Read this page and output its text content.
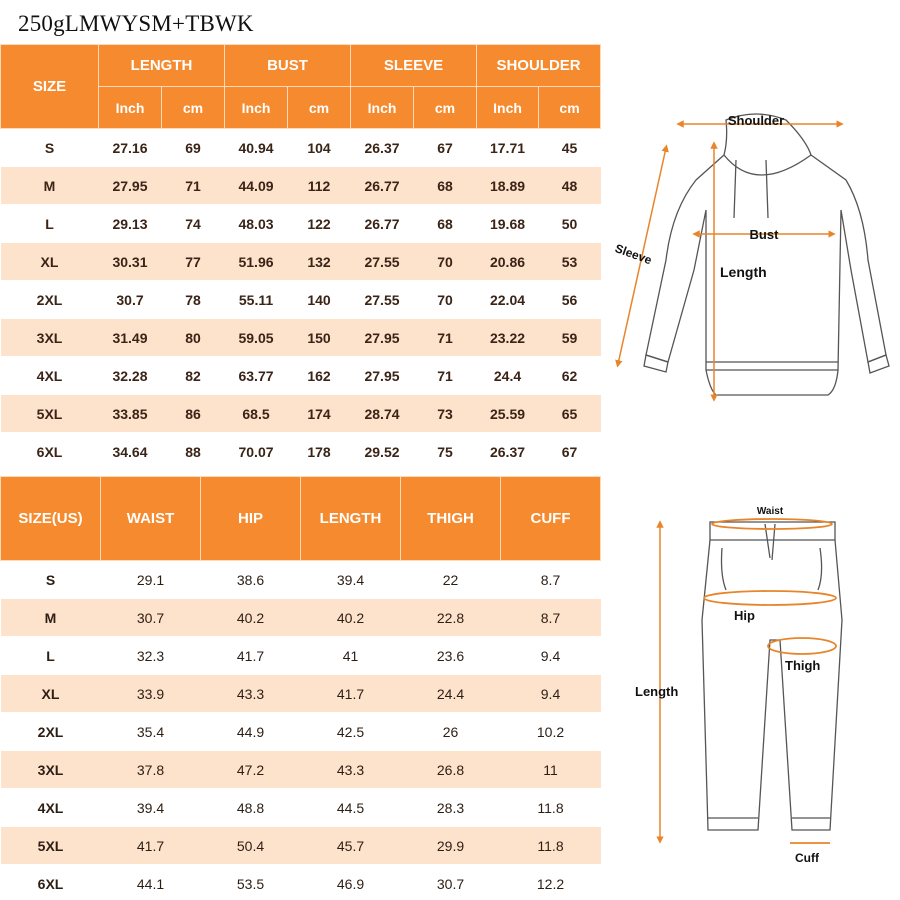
250gLMWYSM+TBWK
SIZE	LENGTH		BUST		SLEEVE		SHOULDER	
	Inch	cm	Inch	cm	Inch	cm	Inch	cm
S	27.16	69	40.94	104	26.37	67	17.71	45
M	27.95	71	44.09	112	26.77	68	18.89	48
L	29.13	74	48.03	122	26.77	68	19.68	50
XL	30.31	77	51.96	132	27.55	70	20.86	53
2XL	30.7	78	55.11	140	27.55	70	22.04	56
3XL	31.49	80	59.05	150	27.95	71	23.22	59
4XL	32.28	82	63.77	162	27.95	71	24.4	62
5XL	33.85	86	68.5	174	28.74	73	25.59	65
6XL	34.64	88	70.07	178	29.52	75	26.37	67
SIZE(US)	WAIST	HIP	LENGTH	THIGH	CUFF
S	29.1	38.6	39.4	22	8.7
M	30.7	40.2	40.2	22.8	8.7
L	32.3	41.7	41	23.6	9.4
XL	33.9	43.3	41.7	24.4	9.4
2XL	35.4	44.9	42.5	26	10.2
3XL	37.8	47.2	43.3	26.8	11
4XL	39.4	48.8	44.5	28.3	11.8
5XL	41.7	50.4	45.7	29.9	11.8
6XL	44.1	53.5	46.9	30.7	12.2
Shoulder
Bust
Sleeve
Length
Waist
Hip
Thigh
Length
Cuff
